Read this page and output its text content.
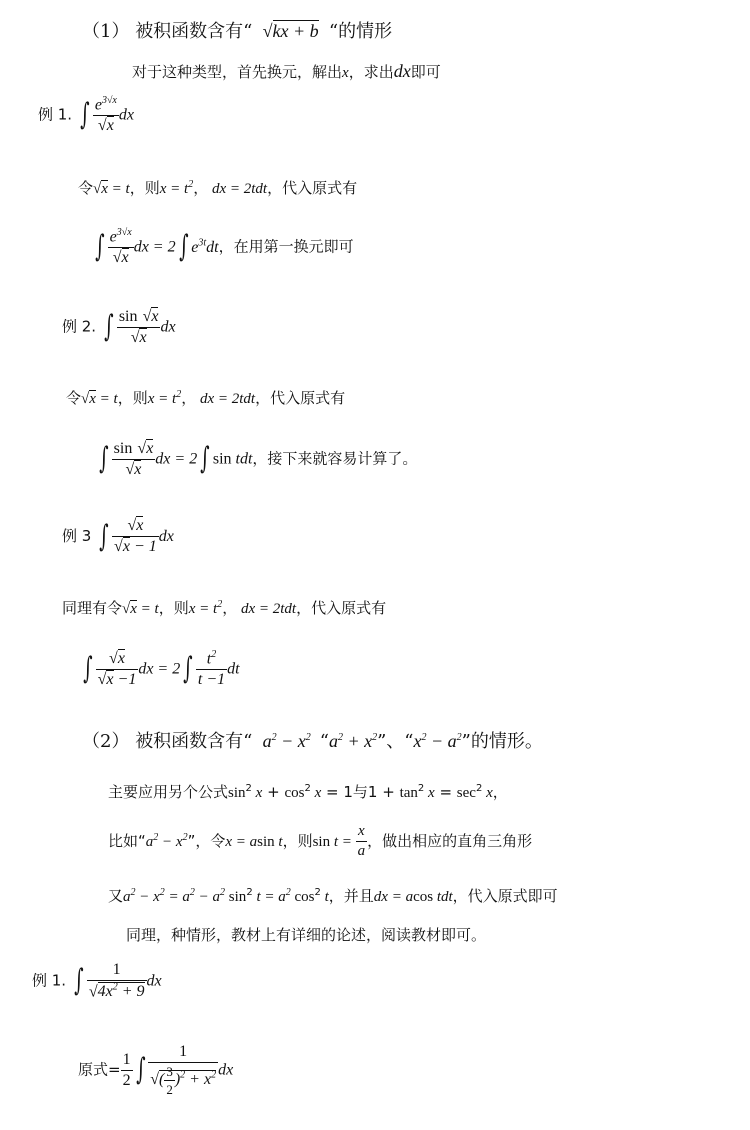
（1） 被积函数含有“  √kx + b “的情形
对于这种类型，首先换元，解出x，求出dx即可
例 1. ∫ $\frac{e^{3√x}}{√x}$ dx
令√x = t，则$x = t^2$， dx = 2tdt，代入原式有
∫ $\frac{e^{3√x}}{√x}$ dx = 2 ∫ $e^{3t}dt$，在用第一换元即可
例 2. ∫ $\frac{\sin √x}{√x}$ dx
令√x = t，则$x = t^2$， dx = 2tdt，代入原式有
∫ $\frac{\sin √x}{√x}$ dx = 2 ∫ sin tdt，接下来就容易计算了。
例 3 ∫ $\frac{√x}{√x - 1}$ dx
同理有令√x = t，则$x = t^2$， dx = 2tdt，代入原式有
∫ $\frac{√x}{√x -1}$ dx = 2 ∫ $\frac{t^2}{t -1}$ dt
（2） 被积函数含有“  $a^2 - x^2$ “$a^2 + x^2$”、“$x^2 - a^2$”的情形。
主要应用另个公式$\sin^2 x + \cos^2 x = 1$与$1 + \tan^2 x = \sec^2 x$，
比如“$a^2 - x^2$”，令x = asin t，则$\sin t = \frac{x}{a}$ ，做出相应的直角三角形
又$a^2 - x^2 = a^2 - a^2$ $\sin^2 t = a^2$ $\cos^2 t$，并且dx = acos tdt，代入原式即可
同理，种情形，教材上有详细的论述，阅读教材即可。
例 1. ∫ $\frac{1}{√4x^2 + 9}$ dx
原式= $\frac{1}{2}$ ∫ $\frac{1}{√( \frac{3}{2} )^2 + x^2}$ dx
